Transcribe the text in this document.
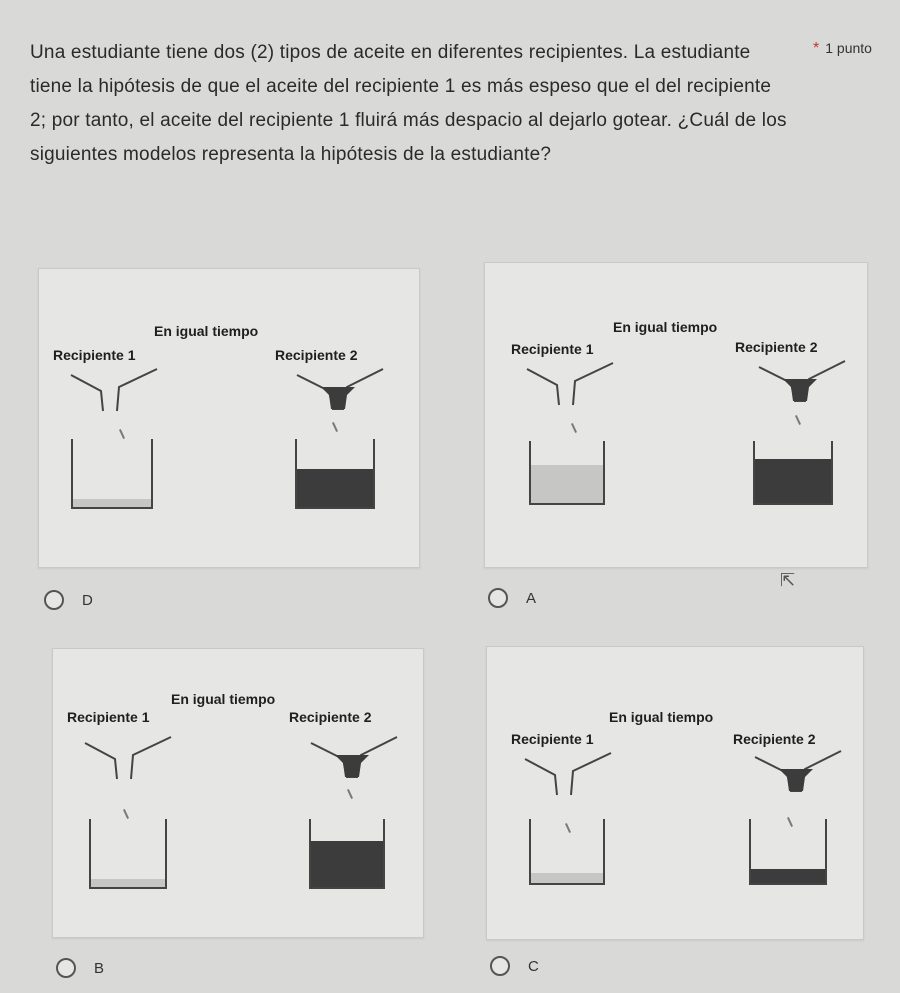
Una estudiante tiene dos (2) tipos de aceite en diferentes recipientes. La estudiante tiene la hipótesis de que el aceite del recipiente 1 es más espeso que el del recipiente 2; por tanto, el aceite del recipiente 1 fluirá más despacio al dejarlo gotear. ¿Cuál de los siguientes modelos representa la hipótesis de la estudiante?
* 1 punto
En igual tiempo
Recipiente 1	Recipiente 2
D
En igual tiempo
Recipiente 1	Recipiente 2
A
En igual tiempo
Recipiente 1	Recipiente 2
B
En igual tiempo
Recipiente 1	Recipiente 2
C
⇱
